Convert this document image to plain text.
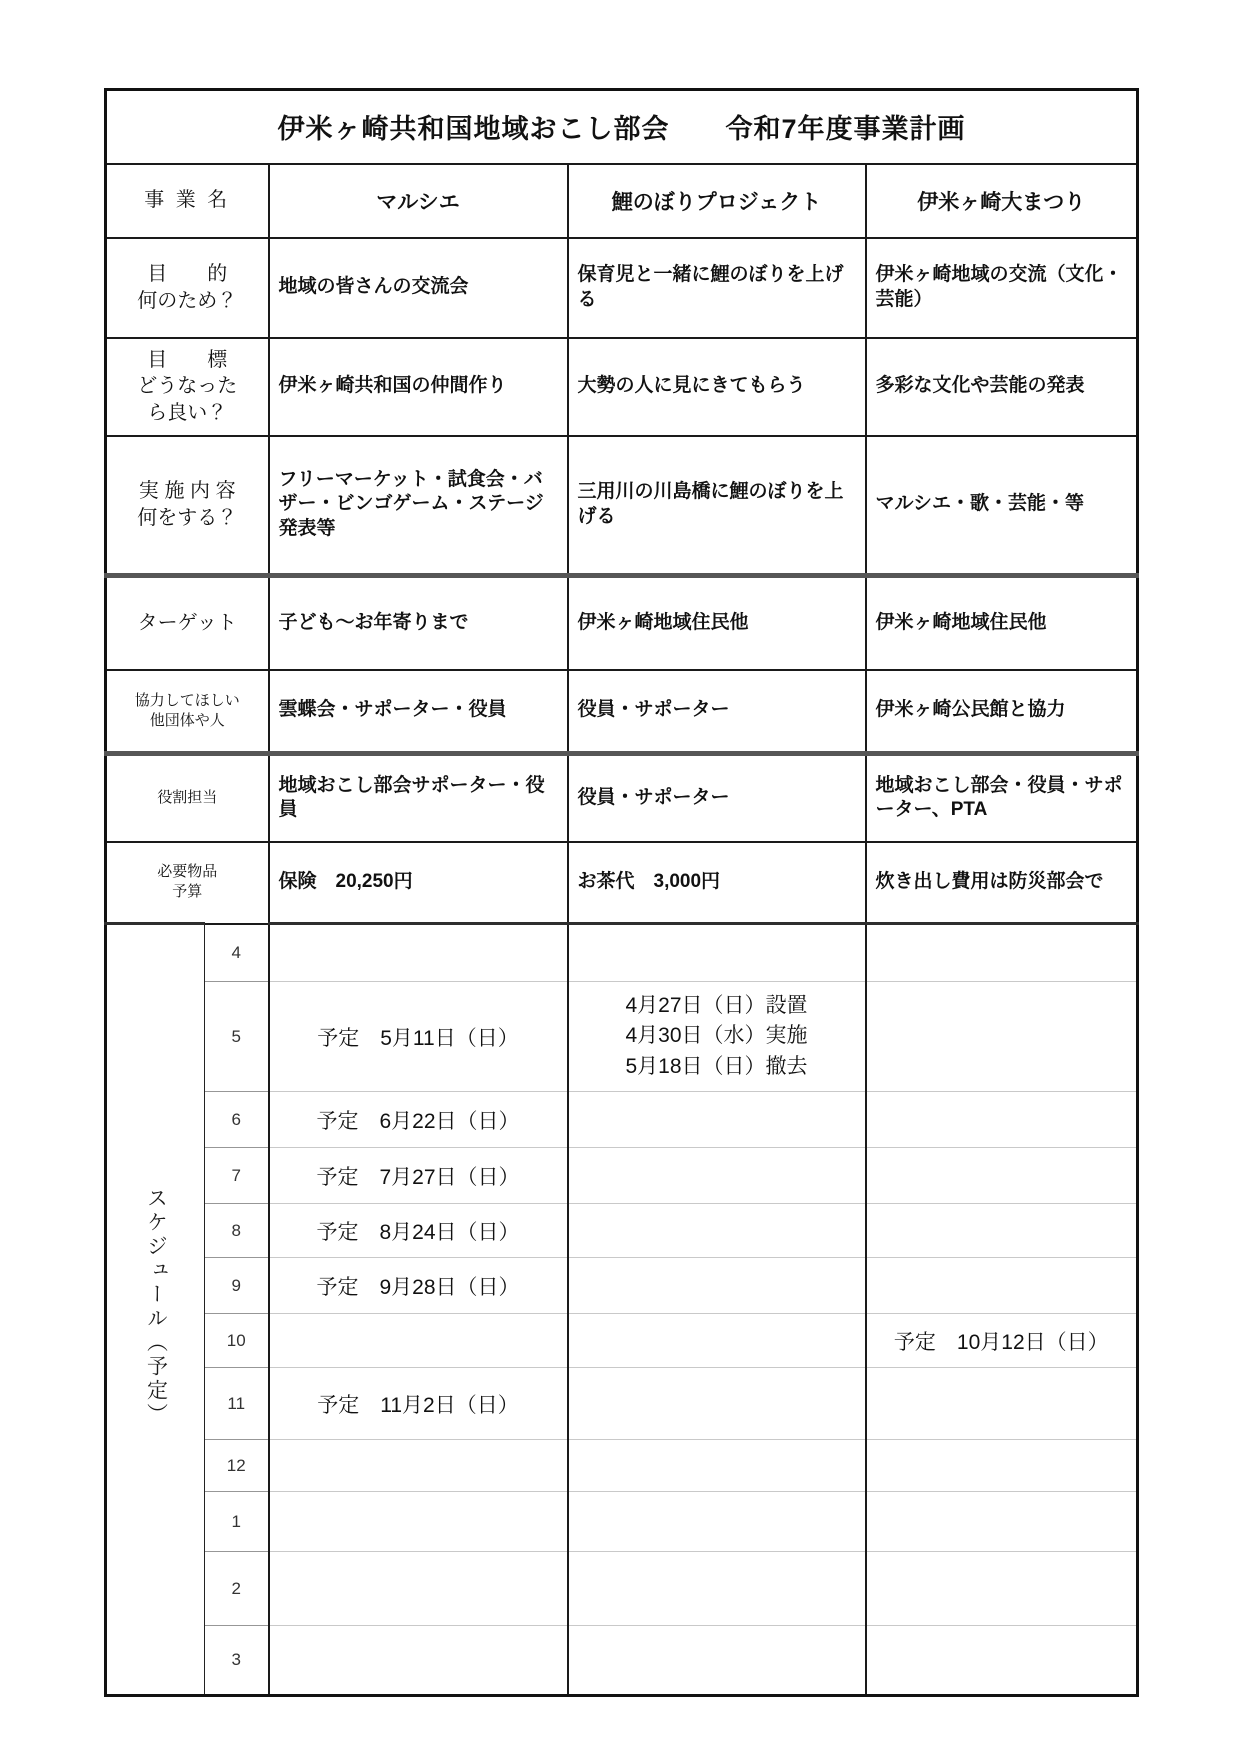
伊米ヶ崎共和国地域おこし部会　　令和7年度事業計画				
事 業 名		マルシエ	鯉のぼりプロジェクト	伊米ヶ崎大まつり

目　　的
何のため？		地域の皆さんの交流会	保育児と一緒に鯉のぼりを上げる	伊米ヶ崎地域の交流（文化・芸能）

目　　標
どうなった
ら良い？		伊米ヶ崎共和国の仲間作り	大勢の人に見にきてもらう	多彩な文化や芸能の発表

実 施 内 容
何をする？		フリーマーケット・試食会・バザー・ビンゴゲーム・ステージ発表等	三用川の川島橋に鯉のぼりを上げる	マルシエ・歌・芸能・等

ターゲット		子ども～お年寄りまで	伊米ヶ崎地域住民他	伊米ヶ崎地域住民他

協力してほしい
他団体や人		雲蝶会・サポーター・役員	役員・サポーター	伊米ヶ崎公民館と協力

役割担当		地域おこし部会サポーター・役員	役員・サポーター	地域おこし部会・役員・サポーター、PTA

必要物品
予算		保険　20,250円	お茶代　3,000円	炊き出し費用は防災部会で
スケジュール（予定）	4			
	5	予定　5月11日（日）	4月27日（日）設置
4月30日（水）実施
5月18日（日）撤去	

	6	予定　6月22日（日）		
	7	予定　7月27日（日）		
	8	予定　8月24日（日）		
	9	予定　9月28日（日）		
	10			予定　10月12日（日）
	11	予定　11月2日（日）		
	12			
	1			
	2			
	3			
